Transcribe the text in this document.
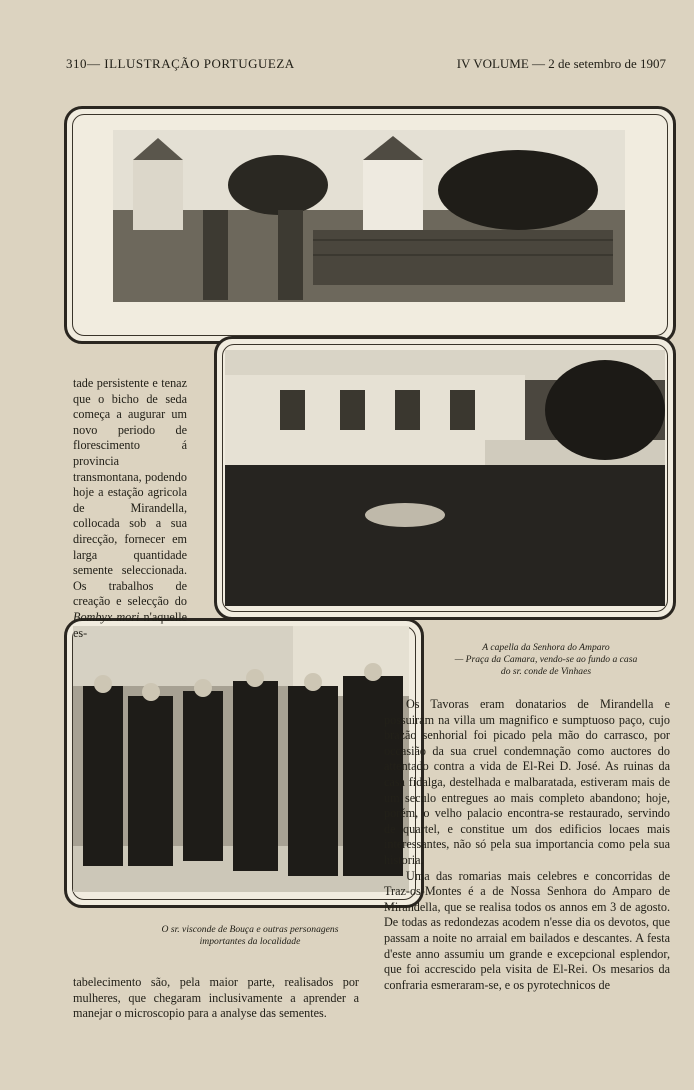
310— ILLUSTRAÇÃO PORTUGUEZA	IV VOLUME — 2 de setembro de 1907

tade persistente e tenaz que o bicho de seda começa a augurar um novo periodo de florescimento á provincia transmontana, podendo hoje a estação agricola de Mirandella, collocada sob a sua direcção, fornecer em larga quantidade semente seleccionada. Os trabalhos de creação e selecção do Bombyx mori n'aquelle es-

A capella da Senhora do Amparo
— Praça da Camara, vendo-se ao fundo a casa
do sr. conde de Vinhaes

Os Tavoras eram donatarios de Mirandella e possuiram na villa um magnifico e sumptuoso paço, cujo brazão senhorial foi picado pela mão do carrasco, por occasião da sua cruel condemnação como auctores do attentado contra a vida de El-Rei D. José. As ruinas da casa fidalga, destelhada e malbaratada, estiveram mais de um seculo entregues ao mais completo abandono; hoje, porém, o velho palacio encontra-se restaurado, servindo de quartel, e constitue um dos edificios locaes mais interessantes, não só pela sua importancia como pela sua historia.

Uma das romarias mais celebres e concorridas de Traz-os-Montes é a de Nossa Senhora do Amparo de Mirandella, que se realisa todos os annos em 3 de agosto. De todas as redondezas acodem n'esse dia os devotos, que passam a noite no arraial em bailados e descantes. A festa d'este anno assumiu um grande e excepcional esplendor, que foi accrescido pela visita de El-Rei. Os mesarios da confraria esmeraram-se, e os pyrotechnicos de

O sr. visconde de Bouça e outras personagens
importantes da localidade

tabelecimento são, pela maior parte, realisados por mulheres, que chegaram inclusivamente a aprender a manejar o microscopio para a analyse das sementes.
